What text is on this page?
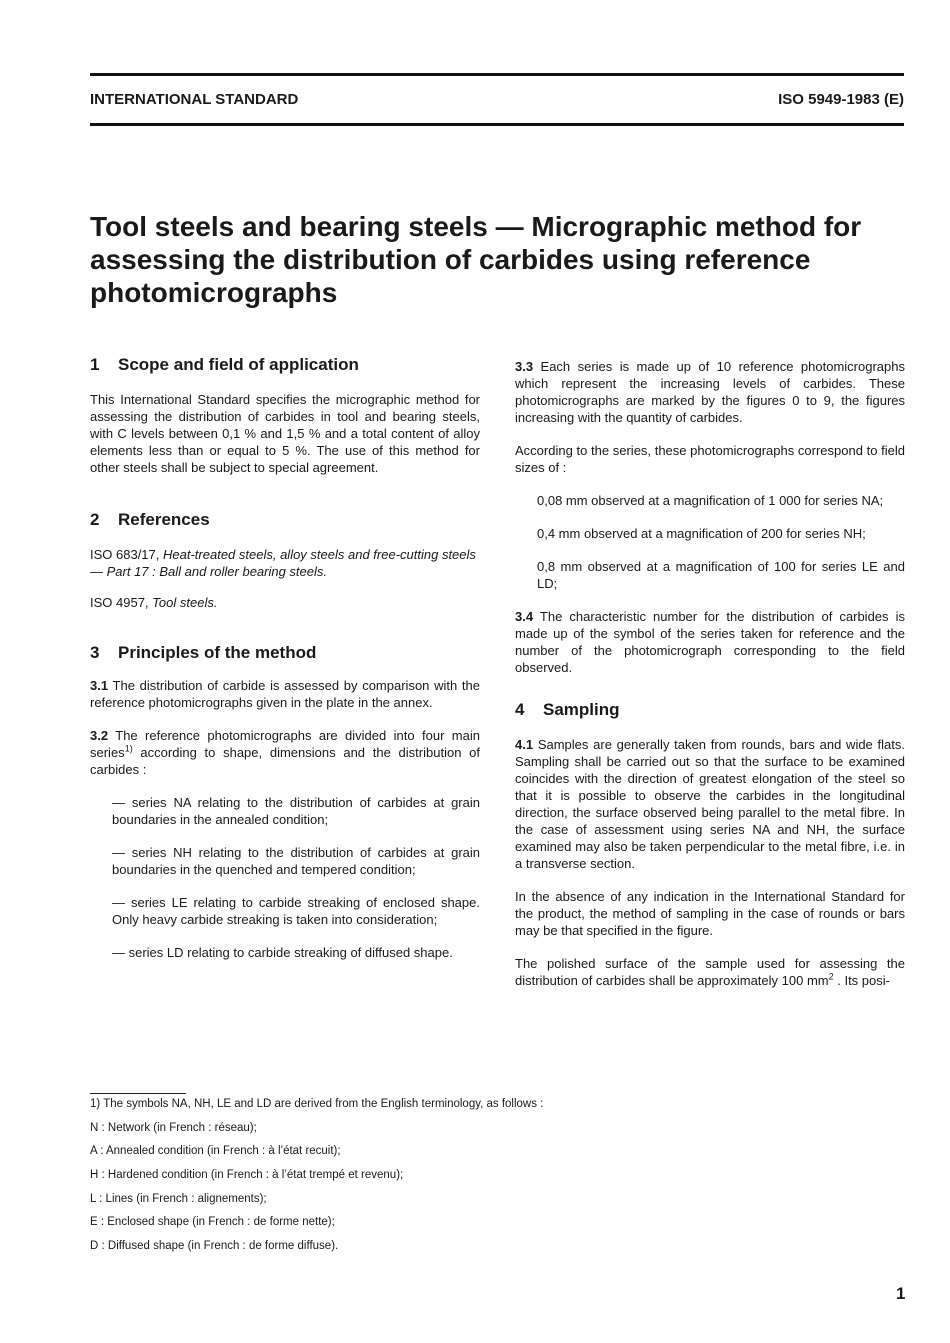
INTERNATIONAL STANDARD	ISO 5949-1983 (E)
Tool steels and bearing steels — Micrographic method for assessing the distribution of carbides using reference photomicrographs
1 Scope and field of application

This International Standard specifies the micrographic method for assessing the distribution of carbides in tool and bearing steels, with C levels between 0,1 % and 1,5 % and a total content of alloy elements less than or equal to 5 %. The use of this method for other steels shall be subject to special agreement.

2 References

ISO 683/17, Heat-treated steels, alloy steels and free-cutting steels — Part 17 : Ball and roller bearing steels.

ISO 4957, Tool steels.

3 Principles of the method

3.1 The distribution of carbide is assessed by comparison with the reference photomicrographs given in the plate in the annex.

3.2 The reference photomicrographs are divided into four main series$^{1)}$ according to shape, dimensions and the distribution of carbides :

— series NA relating to the distribution of carbides at grain boundaries in the annealed condition;

— series NH relating to the distribution of carbides at grain boundaries in the quenched and tempered condition;

— series LE relating to carbide streaking of enclosed shape. Only heavy carbide streaking is taken into consideration;

— series LD relating to carbide streaking of diffused shape.

3.3 Each series is made up of 10 reference photomicrographs which represent the increasing levels of carbides. These photomicrographs are marked by the figures 0 to 9, the figures increasing with the quantity of carbides.

According to the series, these photomicrographs correspond to field sizes of :

0,08 mm observed at a magnification of 1 000 for series NA;

0,4 mm observed at a magnification of 200 for series NH;

0,8 mm observed at a magnification of 100 for series LE and LD;

3.4 The characteristic number for the distribution of carbides is made up of the symbol of the series taken for reference and the number of the photomicrograph corresponding to the field observed.

4 Sampling

4.1 Samples are generally taken from rounds, bars and wide flats. Sampling shall be carried out so that the surface to be examined coincides with the direction of greatest elongation of the steel so that it is possible to observe the carbides in the longitudinal direction, the surface observed being parallel to the metal fibre. In the case of assessment using series NA and NH, the surface examined may also be taken perpendicular to the metal fibre, i.e. in a transverse section.

In the absence of any indication in the International Standard for the product, the method of sampling in the case of rounds or bars may be that specified in the figure.

The polished surface of the sample used for assessing the distribution of carbides shall be approximately 100 $mm^2$ . Its posi-

1) The symbols NA, NH, LE and LD are derived from the English terminology, as follows :
N : Network (in French : réseau);
A : Annealed condition (in French : à l’état recuit);
H : Hardened condition (in French : à l’état trempé et revenu);
L : Lines (in French : alignements);
E : Enclosed shape (in French : de forme nette);
D : Diffused shape (in French : de forme diffuse).
1
